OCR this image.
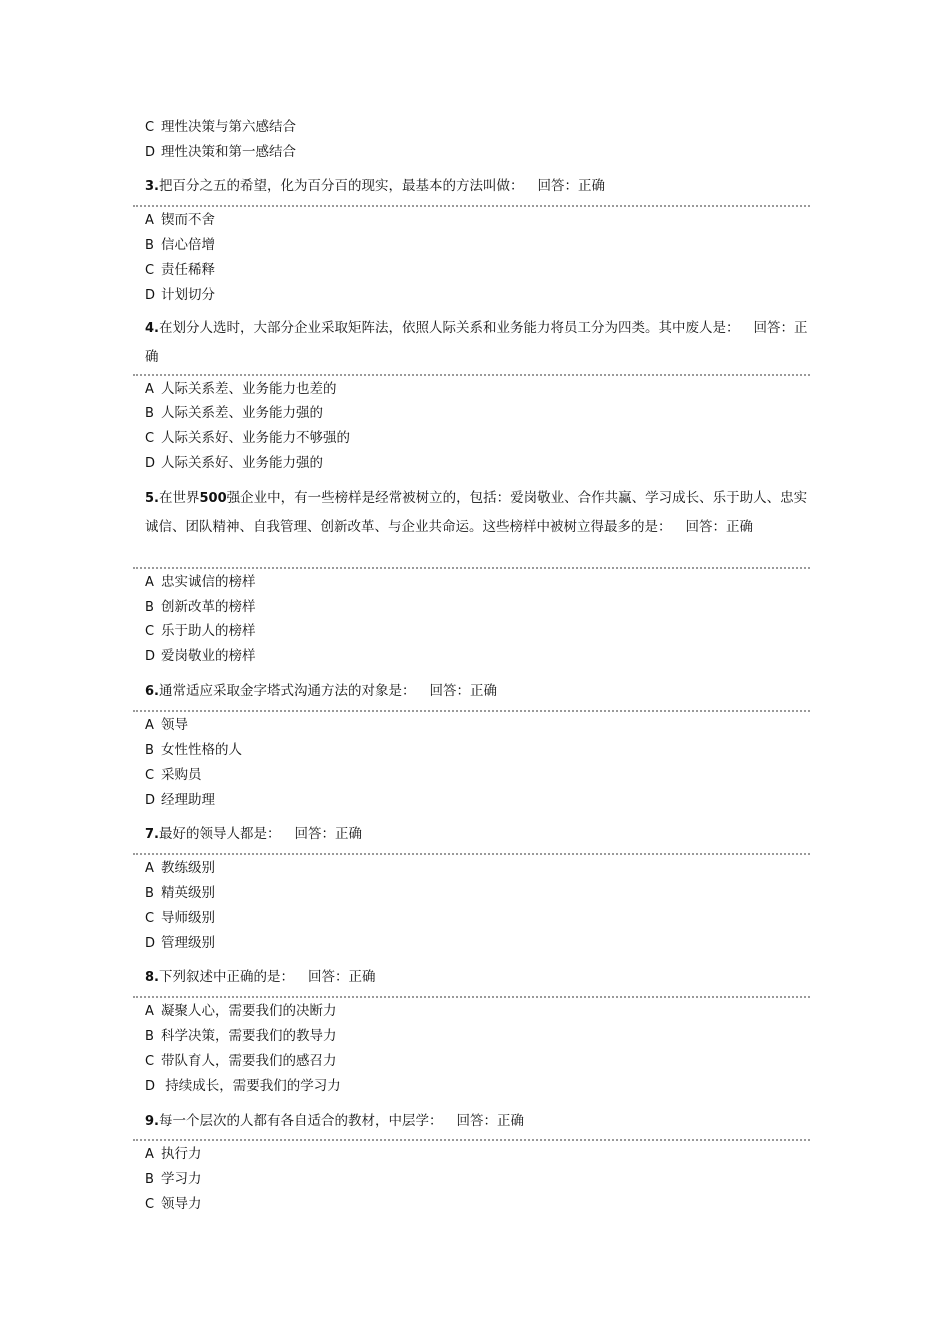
C 理性决策与第六感结合
D 理性决策和第一感结合
3.把百分之五的希望，化为百分百的现实，最基本的方法叫做： 回答：正确
A 锲而不舍
B 信心倍增
C 责任稀释
D 计划切分
4.在划分人选时，大部分企业采取矩阵法，依照人际关系和业务能力将员工分为四类。其中废人是： 回答：正确
A 人际关系差、业务能力也差的
B 人际关系差、业务能力强的
C 人际关系好、业务能力不够强的
D 人际关系好、业务能力强的
5.在世界500强企业中，有一些榜样是经常被树立的，包括：爱岗敬业、合作共赢、学习成长、乐于助人、忠实诚信、团队精神、自我管理、创新改革、与企业共命运。这些榜样中被树立得最多的是： 回答：正确
A 忠实诚信的榜样
B 创新改革的榜样
C 乐于助人的榜样
D 爱岗敬业的榜样
6.通常适应采取金字塔式沟通方法的对象是： 回答：正确
A 领导
B 女性性格的人
C 采购员
D 经理助理
7.最好的领导人都是： 回答：正确
A 教练级别
B 精英级别
C 导师级别
D 管理级别
8.下列叙述中正确的是： 回答：正确
A 凝聚人心，需要我们的决断力
B 科学决策，需要我们的教导力
C 带队育人，需要我们的感召力
D 持续成长，需要我们的学习力
9.每一个层次的人都有各自适合的教材，中层学： 回答：正确
A 执行力
B 学习力
C 领导力
